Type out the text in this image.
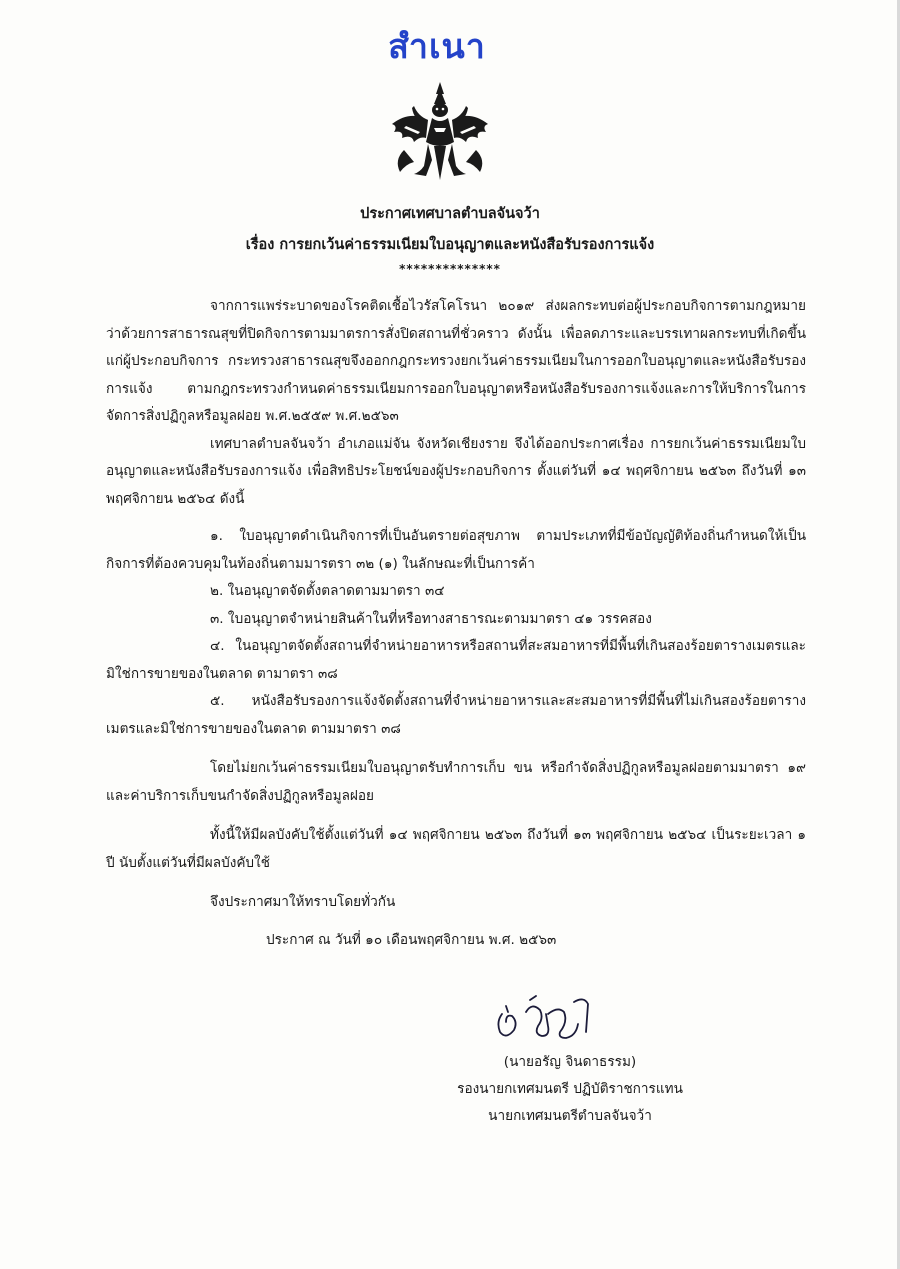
สำเนา
ประกาศเทศบาลตำบลจันจว้า
เรื่อง การยกเว้นค่าธรรมเนียมใบอนุญาตและหนังสือรับรองการแจ้ง
**************

จากการแพร่ระบาดของโรคติดเชื้อไวรัสโคโรนา ๒๐๑๙ ส่งผลกระทบต่อผู้ประกอบกิจการตามกฎหมายว่าด้วยการสาธารณสุขที่ปิดกิจการตามมาตรการสั่งปิดสถานที่ชั่วคราว ดังนั้น เพื่อลดภาระและบรรเทาผลกระทบที่เกิดขึ้นแก่ผู้ประกอบกิจการ กระทรวงสาธารณสุขจึงออกกฎกระทรวงยกเว้นค่าธรรมเนียมในการออกใบอนุญาตและหนังสือรับรองการแจ้ง ตามกฎกระทรวงกำหนดค่าธรรมเนียมการออกใบอนุญาตหรือหนังสือรับรองการแจ้งและการให้บริการในการจัดการสิ่งปฏิกูลหรือมูลฝอย พ.ศ.๒๕๕๙ พ.ศ.๒๕๖๓

เทศบาลตำบลจันจว้า อำเภอแม่จัน จังหวัดเชียงราย จึงได้ออกประกาศเรื่อง การยกเว้นค่าธรรมเนียมใบอนุญาตและหนังสือรับรองการแจ้ง เพื่อสิทธิประโยชน์ของผู้ประกอบกิจการ ตั้งแต่วันที่ ๑๔ พฤศจิกายน ๒๕๖๓ ถึงวันที่ ๑๓ พฤศจิกายน ๒๕๖๔ ดังนี้

๑. ใบอนุญาตดำเนินกิจการที่เป็นอันตรายต่อสุขภาพ ตามประเภทที่มีข้อบัญญัติท้องถิ่นกำหนดให้เป็นกิจการที่ต้องควบคุมในท้องถิ่นตามมารตรา ๓๒ (๑) ในลักษณะที่เป็นการค้า

๒. ในอนุญาตจัดตั้งตลาดตามมาตรา ๓๔

๓. ใบอนุญาตจำหน่ายสินค้าในที่หรือทางสาธารณะตามมาตรา ๔๑ วรรคสอง

๔. ในอนุญาตจัดตั้งสถานที่จำหน่ายอาหารหรือสถานที่สะสมอาหารที่มีพื้นที่เกินสองร้อยตารางเมตรและมิใช่การขายของในตลาด ตามาตรา ๓๘

๕. หนังสือรับรองการแจ้งจัดตั้งสถานที่จำหน่ายอาหารและสะสมอาหารที่มีพื้นที่ไม่เกินสองร้อยตารางเมตรและมิใช่การขายของในตลาด ตามมาตรา ๓๘

โดยไม่ยกเว้นค่าธรรมเนียมใบอนุญาตรับทำการเก็บ ขน หรือกำจัดสิ่งปฏิกูลหรือมูลฝอยตามมาตรา ๑๙ และค่าบริการเก็บขนกำจัดสิ่งปฏิกูลหรือมูลฝอย

ทั้งนี้ให้มีผลบังคับใช้ตั้งแต่วันที่ ๑๔ พฤศจิกายน ๒๕๖๓ ถึงวันที่ ๑๓ พฤศจิกายน ๒๕๖๔ เป็นระยะเวลา ๑ ปี นับตั้งแต่วันที่มีผลบังคับใช้

จึงประกาศมาให้ทราบโดยทั่วกัน

ประกาศ ณ วันที่ ๑๐ เดือนพฤศจิกายน พ.ศ. ๒๕๖๓

(นายอรัญ จินดาธรรม)
รองนายกเทศมนตรี ปฏิบัติราชการแทน
นายกเทศมนตรีตำบลจันจว้า
